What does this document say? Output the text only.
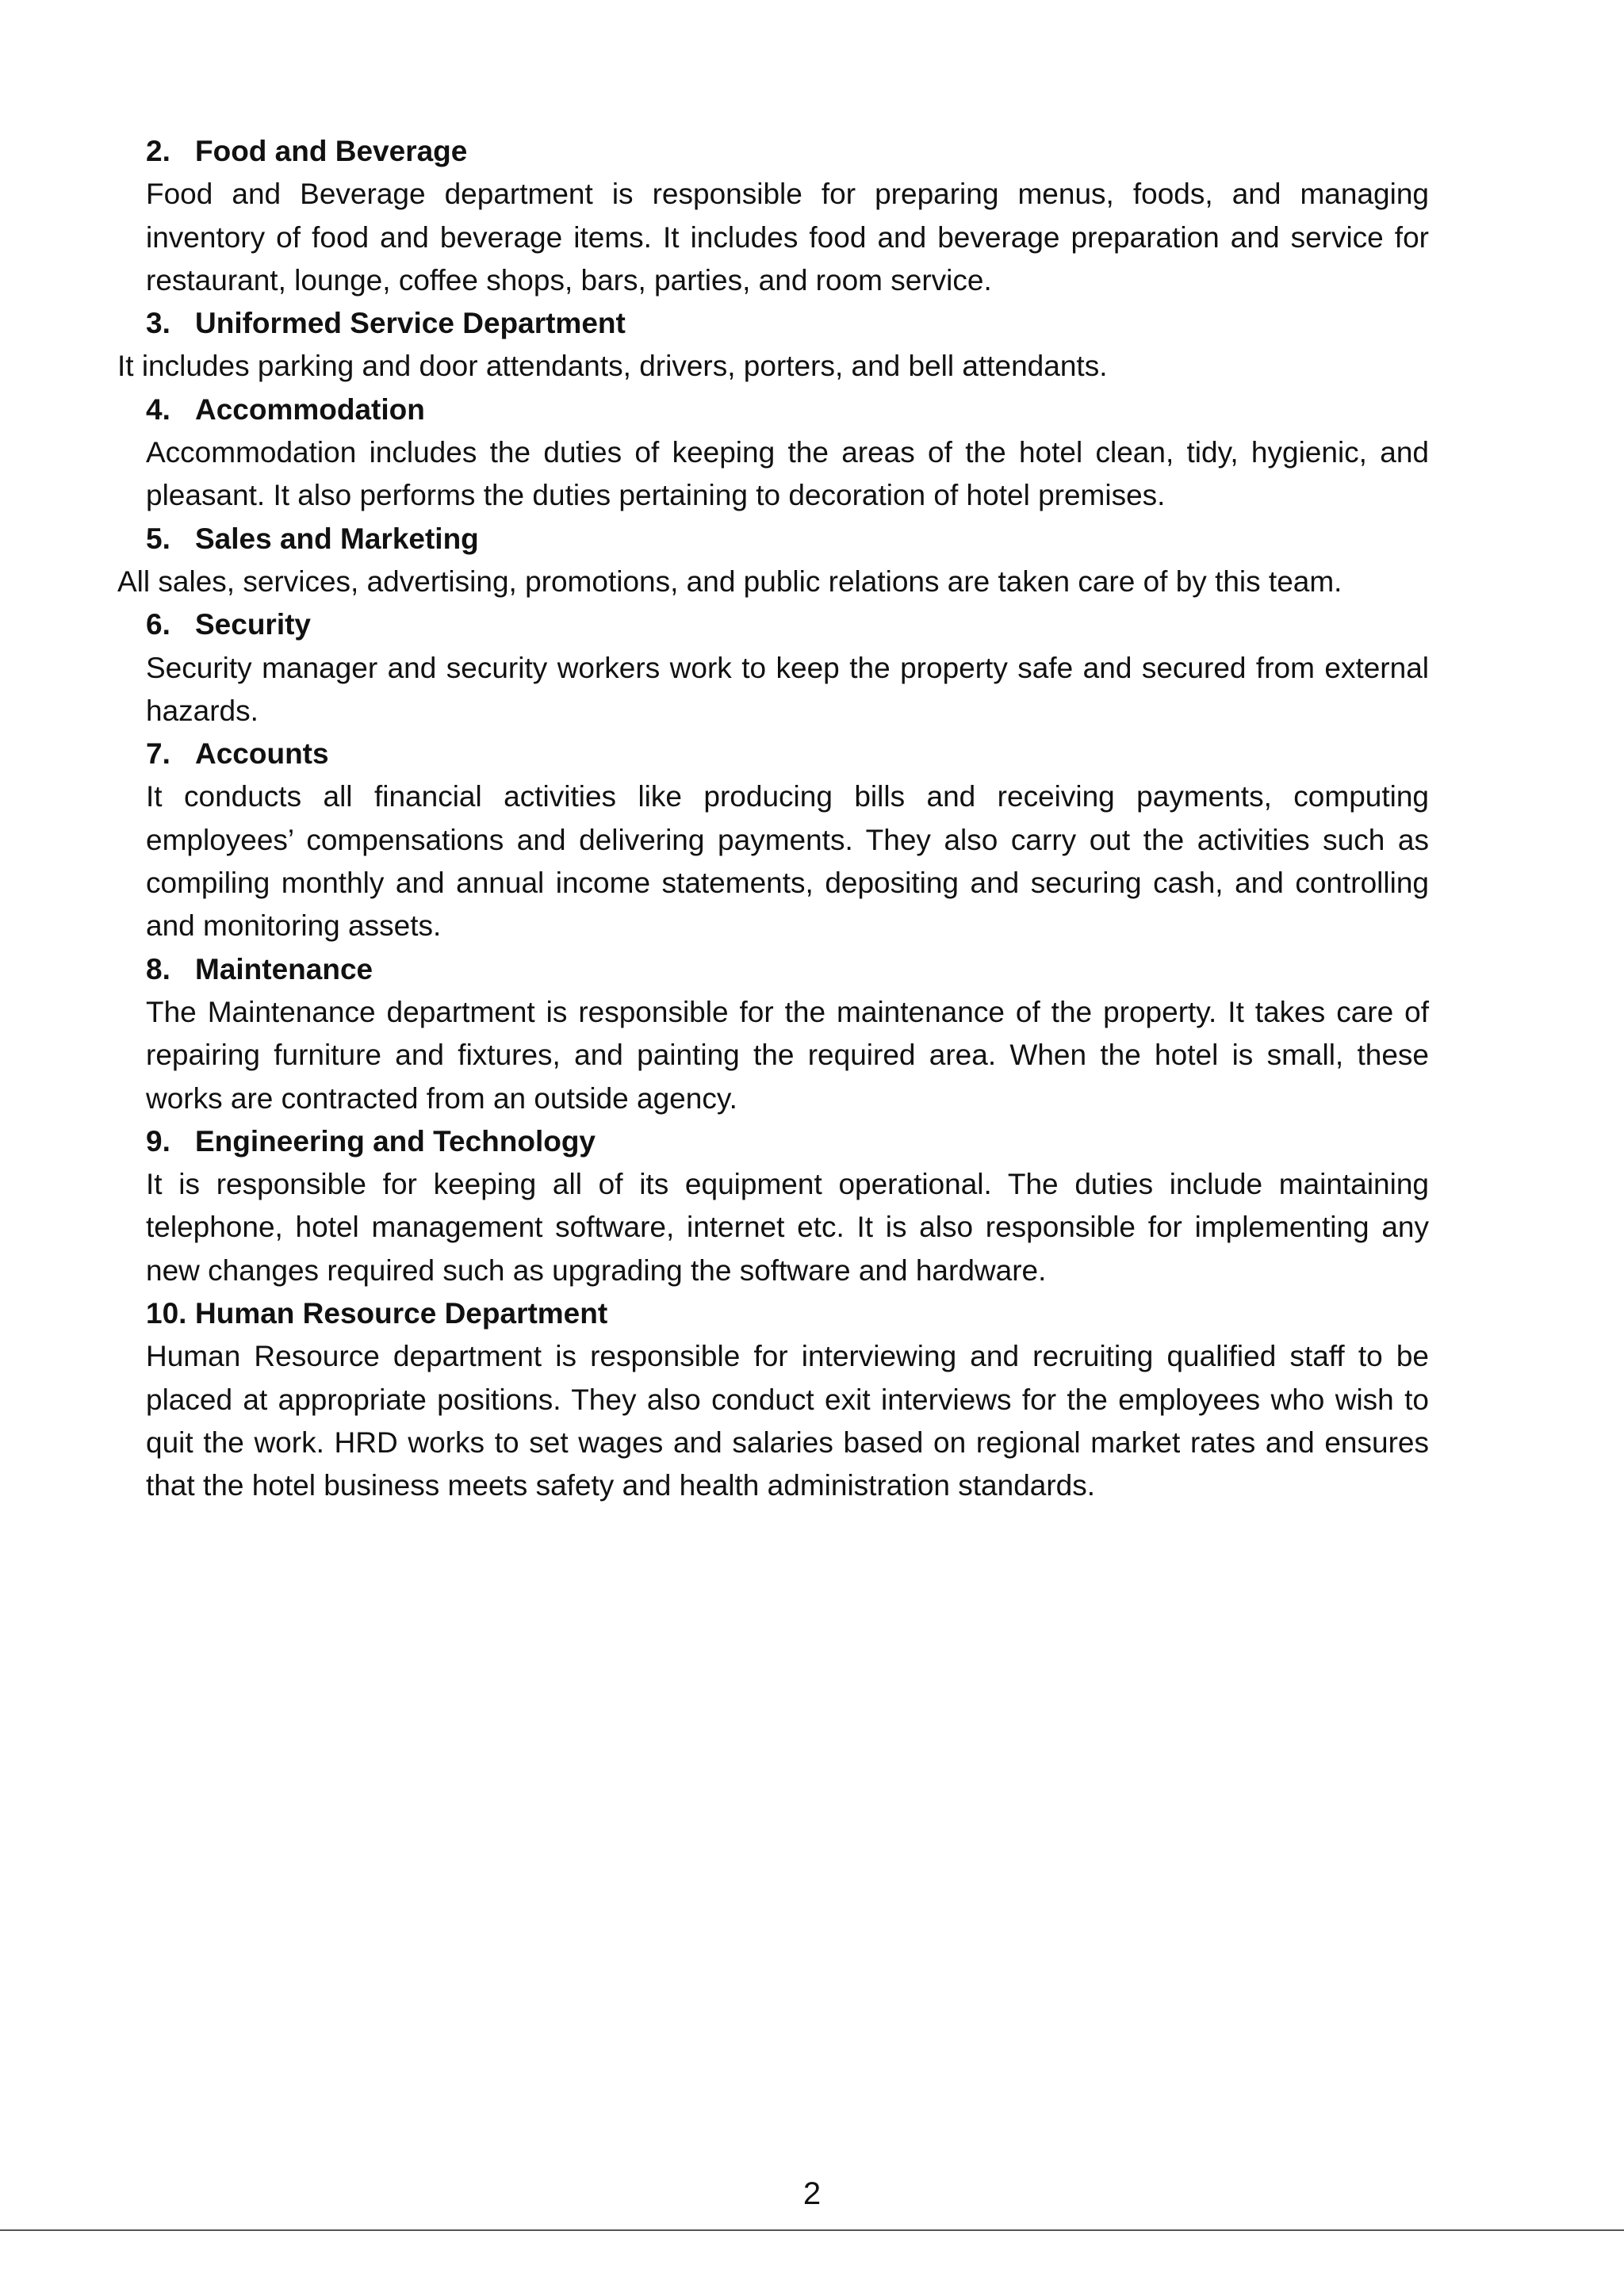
2. Food and Beverage

Food and Beverage department is responsible for preparing menus, foods, and managing inventory of food and beverage items. It includes food and beverage preparation and service for restaurant, lounge, coffee shops, bars, parties, and room service.

3. Uniformed Service Department

It includes parking and door attendants, drivers, porters, and bell attendants.

4. Accommodation

Accommodation includes the duties of keeping the areas of the hotel clean, tidy, hygienic, and pleasant. It also performs the duties pertaining to decoration of hotel premises.

5. Sales and Marketing

All sales, services, advertising, promotions, and public relations are taken care of by this team.

6. Security

Security manager and security workers work to keep the property safe and secured from external hazards.

7. Accounts

It conducts all financial activities like producing bills and receiving payments, computing employees’ compensations and delivering payments. They also carry out the activities such as compiling monthly and annual income statements, depositing and securing cash, and controlling and monitoring assets.

8. Maintenance

The Maintenance department is responsible for the maintenance of the property. It takes care of repairing furniture and fixtures, and painting the required area. When the hotel is small, these works are contracted from an outside agency.

9. Engineering and Technology

It is responsible for keeping all of its equipment operational. The duties include maintaining telephone, hotel management software, internet etc. It is also responsible for implementing any new changes required such as upgrading the software and hardware.

10. Human Resource Department

Human Resource department is responsible for interviewing and recruiting qualified staff to be placed at appropriate positions. They also conduct exit interviews for the employees who wish to quit the work. HRD works to set wages and salaries based on regional market rates and ensures that the hotel business meets safety and health administration standards.

2
